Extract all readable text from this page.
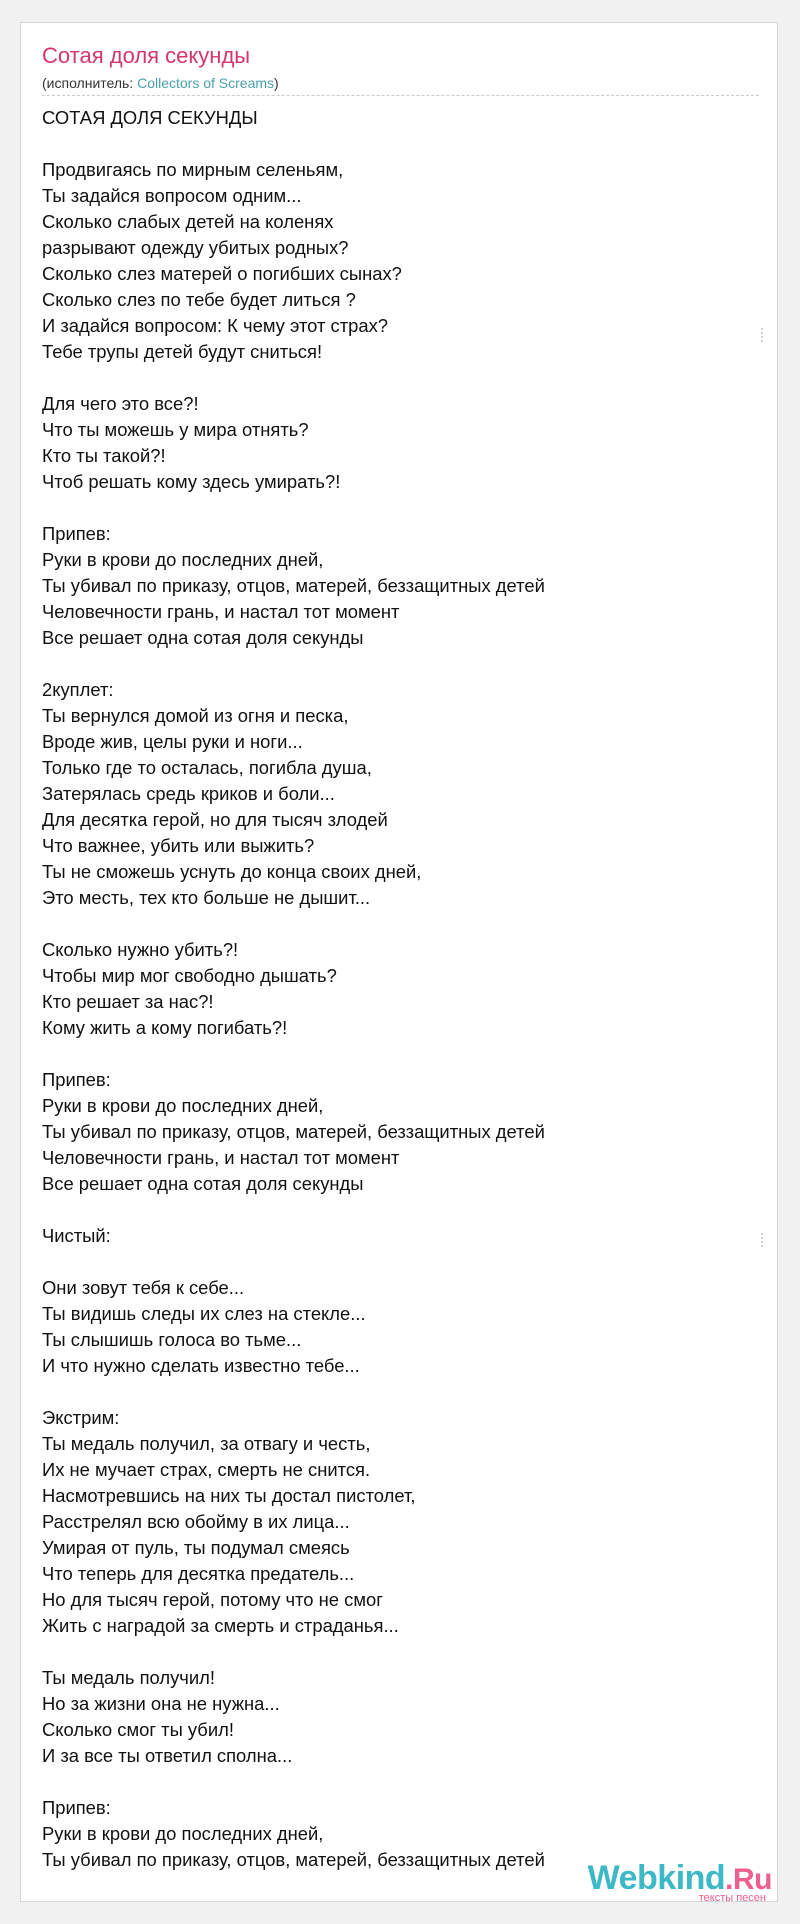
Сотая доля секунды
(исполнитель: Collectors of Screams)
СОТАЯ ДОЛЯ СЕКУНДЫ

Продвигаясь по мирным селеньям,
Ты задайся вопросом одним...
Сколько слабых детей на коленях
разрывают одежду убитых родных?
Сколько слез матерей о погибших сынах?
Сколько слез по тебе будет литься ?
И задайся вопросом: К чему этот страх?
Тебе трупы детей будут сниться!

Для чего это все?!
Что ты можешь у мира отнять?
Кто ты такой?!
Чтоб решать кому здесь умирать?!

Припев:
Руки в крови до последних дней,
Ты убивал по приказу, отцов, матерей, беззащитных детей
Человечности грань, и настал тот момент
Все решает одна сотая доля секунды

2куплет:
Ты вернулся домой из огня и песка,
Вроде жив, целы руки и ноги...
Только где то осталась, погибла душа,
Затерялась средь криков и боли...
Для десятка герой, но для тысяч злодей
Что важнее, убить или выжить?
Ты не сможешь уснуть до конца своих дней,
Это месть, тех кто больше не дышит...

Сколько нужно убить?!
Чтобы мир мог свободно дышать?
Кто решает за нас?!
Кому жить а кому погибать?!

Припев:
Руки в крови до последних дней,
Ты убивал по приказу, отцов, матерей, беззащитных детей
Человечности грань, и настал тот момент
Все решает одна сотая доля секунды

Чистый:

Они зовут тебя к себе...
Ты видишь следы их слез на стекле...
Ты слышишь голоса во тьме...
И что нужно сделать известно тебе...

Экстрим:
Ты медаль получил, за отвагу и честь,
Их не мучает страх, смерть не снится.
Насмотревшись на них ты достал пистолет,
Расстрелял всю обойму в их лица...
Умирая от пуль, ты подумал смеясь
Что теперь для десятка предатель...
Но для тысяч герой, потому что не смог
Жить с наградой за смерть и страданья...

Ты медаль получил!
Но за жизни она не нужна...
Сколько смог ты убил!
И за все ты ответил сполна...

Припев:
Руки в крови до последних дней,
Ты убивал по приказу, отцов, матерей, беззащитных детей	Webkind.Ru
тексты песен
